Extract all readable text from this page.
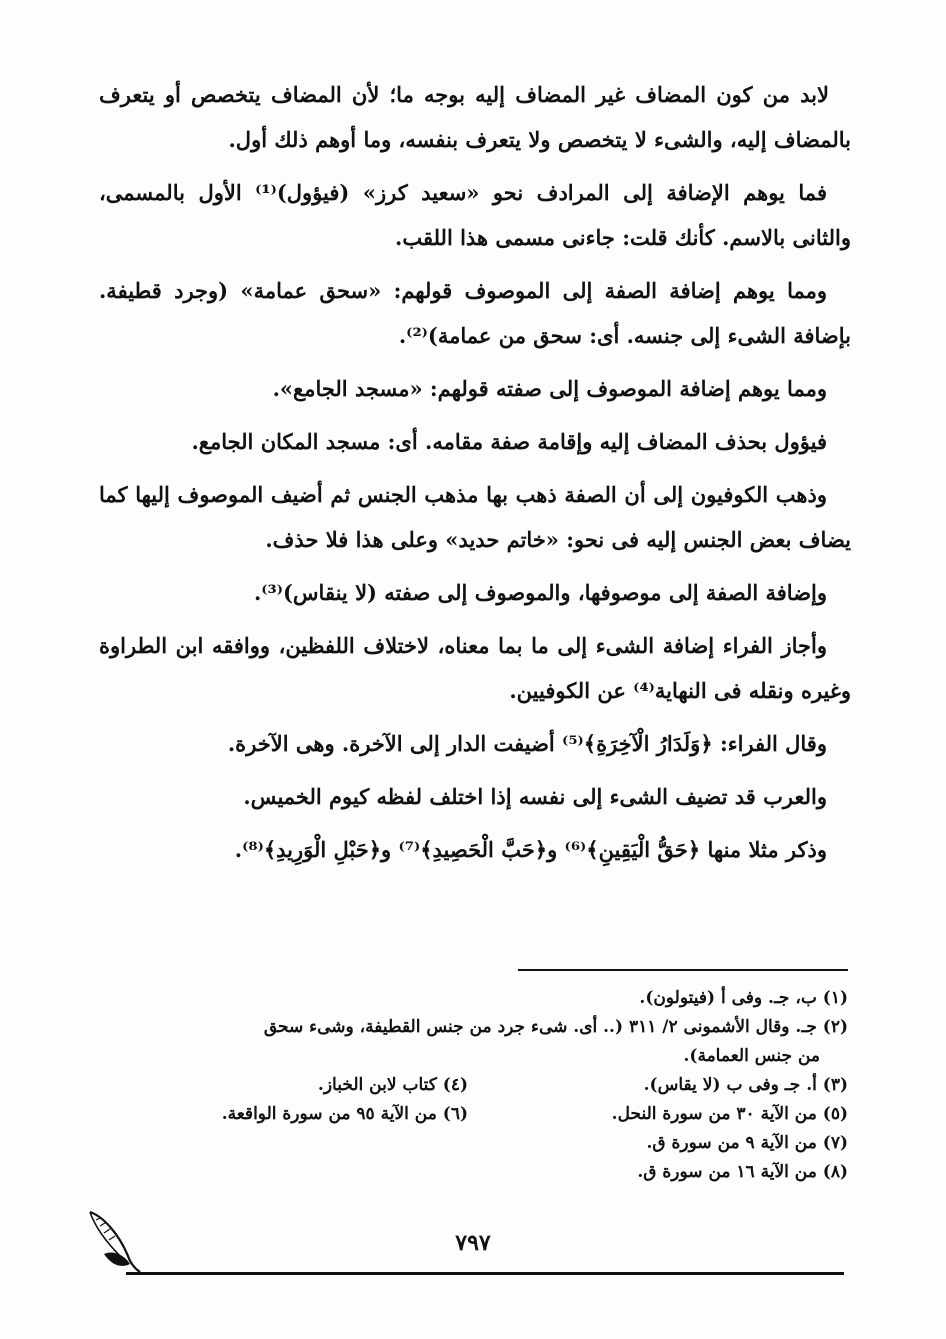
لابد من كون المضاف غير المضاف إليه بوجه ما؛ لأن المضاف يتخصص أو يتعرف بالمضاف إليه، والشىء لا يتخصص ولا يتعرف بنفسه، وما أوهم ذلك أول.

فما يوهم الإضافة إلى المرادف نحو «سعيد كرز» (فيؤول)⁽¹⁾ الأول بالمسمى، والثانى بالاسم. كأنك قلت: جاءنى مسمى هذا اللقب.

ومما يوهم إضافة الصفة إلى الموصوف قولهم: «سحق عمامة» (وجرد قطيفة. بإضافة الشىء إلى جنسه. أى: سحق من عمامة)⁽²⁾.

ومما يوهم إضافة الموصوف إلى صفته قولهم: «مسجد الجامع».

فيؤول بحذف المضاف إليه وإقامة صفة مقامه. أى: مسجد المكان الجامع.

وذهب الكوفيون إلى أن الصفة ذهب بها مذهب الجنس ثم أضيف الموصوف إليها كما يضاف بعض الجنس إليه فى نحو: «خاتم حديد» وعلى هذا فلا حذف.

وإضافة الصفة إلى موصوفها، والموصوف إلى صفته (لا ينقاس)⁽³⁾.

وأجاز الفراء إضافة الشىء إلى ما بما معناه، لاختلاف اللفظين، ووافقه ابن الطراوة وغيره ونقله فى النهاية⁽⁴⁾ عن الكوفيين.

وقال الفراء: ﴿وَلَدَارُ الْآخِرَةِ﴾⁽⁵⁾ أضيفت الدار إلى الآخرة. وهى الآخرة.

والعرب قد تضيف الشىء إلى نفسه إذا اختلف لفظه كيوم الخميس.

وذكر مثلا منها ﴿حَقُّ الْيَقِينِ﴾⁽⁶⁾ و﴿حَبَّ الْحَصِيدِ﴾⁽⁷⁾ و﴿حَبْلِ الْوَرِيدِ﴾⁽⁸⁾.

(١) ب، جـ. وفى أ (فيتولون).
(٢) جـ. وقال الأشمونى ٢/ ٣١١ (.. أى. شىء جرد من جنس القطيفة، وشىء سحق
من جنس العمامة).
(٣) أ. جـ وفى ب (لا يقاس).
(٤) كتاب لابن الخباز.
(٥) من الآية ٣٠ من سورة النحل.
(٦) من الآية ٩٥ من سورة الواقعة.
(٧) من الآية ٩ من سورة ق.
(٨) من الآية ١٦ من سورة ق.
٧٩٧
